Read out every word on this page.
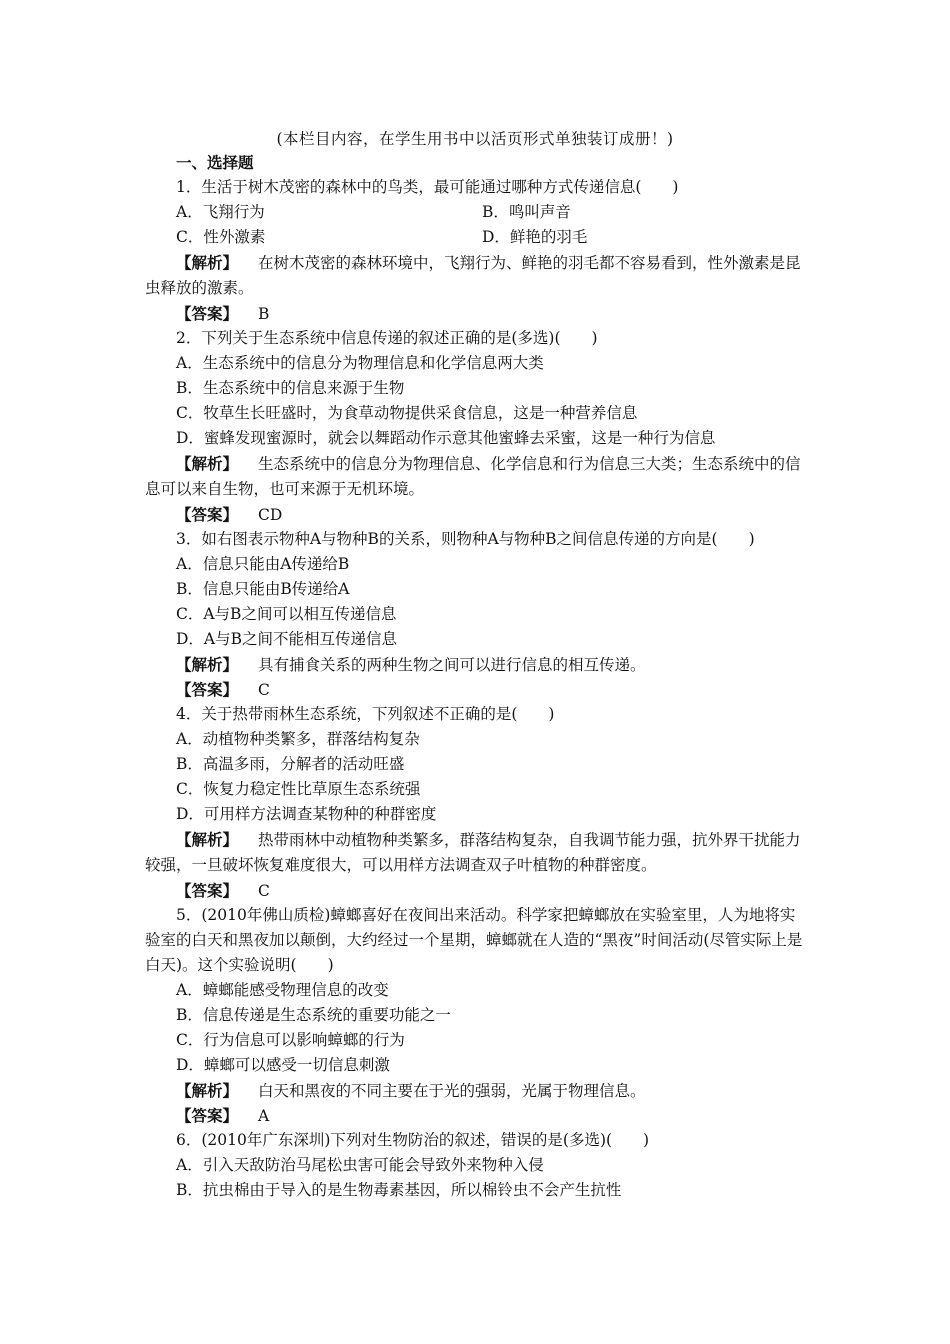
(本栏目内容，在学生用书中以活页形式单独装订成册！)
一、选择题
1．生活于树木茂密的森林中的鸟类，最可能通过哪种方式传递信息(　　)
A．飞翔行为	B．鸣叫声音
C．性外激素	D．鲜艳的羽毛
【解析】 在树木茂密的森林环境中，飞翔行为、鲜艳的羽毛都不容易看到，性外激素是昆虫释放的激素。
【答案】 B
2．下列关于生态系统中信息传递的叙述正确的是(多选)(　　)
A．生态系统中的信息分为物理信息和化学信息两大类
B．生态系统中的信息来源于生物
C．牧草生长旺盛时，为食草动物提供采食信息，这是一种营养信息
D．蜜蜂发现蜜源时，就会以舞蹈动作示意其他蜜蜂去采蜜，这是一种行为信息
【解析】 生态系统中的信息分为物理信息、化学信息和行为信息三大类；生态系统中的信息可以来自生物，也可来源于无机环境。
【答案】 CD
3．如右图表示物种A与物种B的关系，则物种A与物种B之间信息传递的方向是(　　)
A．信息只能由A传递给B
B．信息只能由B传递给A
C．A与B之间可以相互传递信息
D．A与B之间不能相互传递信息
【解析】 具有捕食关系的两种生物之间可以进行信息的相互传递。
【答案】 C
4．关于热带雨林生态系统，下列叙述不正确的是(　　)
A．动植物种类繁多，群落结构复杂
B．高温多雨，分解者的活动旺盛
C．恢复力稳定性比草原生态系统强
D．可用样方法调查某物种的种群密度
【解析】 热带雨林中动植物种类繁多，群落结构复杂，自我调节能力强，抗外界干扰能力较强，一旦破坏恢复难度很大，可以用样方法调查双子叶植物的种群密度。
【答案】 C
5．(2010年佛山质检)蟑螂喜好在夜间出来活动。科学家把蟑螂放在实验室里，人为地将实验室的白天和黑夜加以颠倒，大约经过一个星期，蟑螂就在人造的“黑夜”时间活动(尽管实际上是白天)。这个实验说明(　　)
A．蟑螂能感受物理信息的改变
B．信息传递是生态系统的重要功能之一
C．行为信息可以影响蟑螂的行为
D．蟑螂可以感受一切信息刺激
【解析】 白天和黑夜的不同主要在于光的强弱，光属于物理信息。
【答案】 A
6．(2010年广东深圳)下列对生物防治的叙述，错误的是(多选)(　　)
A．引入天敌防治马尾松虫害可能会导致外来物种入侵
B．抗虫棉由于导入的是生物毒素基因，所以棉铃虫不会产生抗性
